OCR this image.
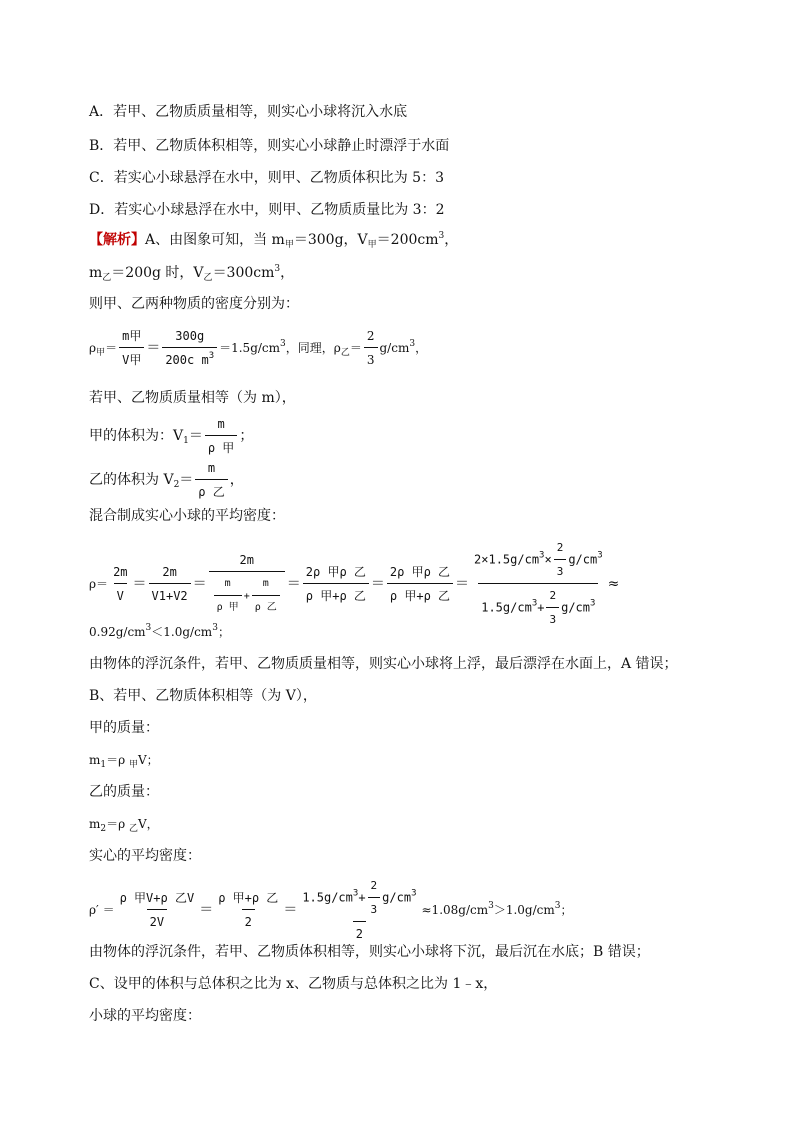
A．若甲、乙物质质量相等，则实心小球将沉入水底
B．若甲、乙物质体积相等，则实心小球静止时漂浮于水面
C．若实心小球悬浮在水中，则甲、乙物质体积比为 5：3
D．若实心小球悬浮在水中，则甲、乙物质质量比为 3：2
【解析】A、由图象可知，当 $m_甲=300g$，$V_甲=200cm^3$，
$m_乙=200g$ 时，$V_乙=300cm^3$，
则甲、乙两种物质的密度分别为：
$\rho_甲= \frac{\text{m甲}}{\text{V甲}} = \frac{300g}{200c m^3} =1.5g/cm^3$，同理，$\rho_乙= \frac{2}{3} g/cm^3$，
若甲、乙物质质量相等（为 m），
甲的体积为：$V_1= \frac{m}{\text{ρ 甲}}$ ；
乙的体积为 $V_2= \frac{m}{\text{ρ 乙}}$ ，
混合制成实心小球的平均密度：
$\rho= \frac{2m}{V} = \frac{2m}{V1+V2} = \frac{2m}{\frac{m}{\text{ρ 甲}} + \frac{m}{\text{ρ 乙}}} = \frac{\text{2ρ 甲ρ 乙}}{\text{ρ 甲+ρ 乙}} = \frac{\text{2ρ 甲ρ 乙}}{\text{ρ 甲+ρ 乙}} = \frac{2\times 1.5g/cm^3\times \frac{2}{3} g/cm^3}{1.5g/cm^3+ \frac{2}{3} g/cm^3}$ ≈
$0.92g/cm^3<1.0g/cm^3$；
由物体的浮沉条件，若甲、乙物质质量相等，则实心小球将上浮，最后漂浮在水面上，A 错误；
B、若甲、乙物质体积相等（为 V），
甲的质量：
$m_1=\rho$ $_甲$V；
乙的质量：
$m_2=\rho$ $_乙$V，
实心的平均密度：
$\rho' = \frac{\text{ρ 甲V+ρ 乙V}}{2V} = \frac{\text{ρ 甲+ρ 乙}}{2} = \frac{1.5g/cm^3+ \frac{2}{3} g/cm^3}{2} \approx 1.08g/cm^3>1.0g/cm^3$；
由物体的浮沉条件，若甲、乙物质体积相等，则实心小球将下沉，最后沉在水底；B 错误；
C、设甲的体积与总体积之比为 x、乙物质与总体积之比为 1﹣x，
小球的平均密度：
